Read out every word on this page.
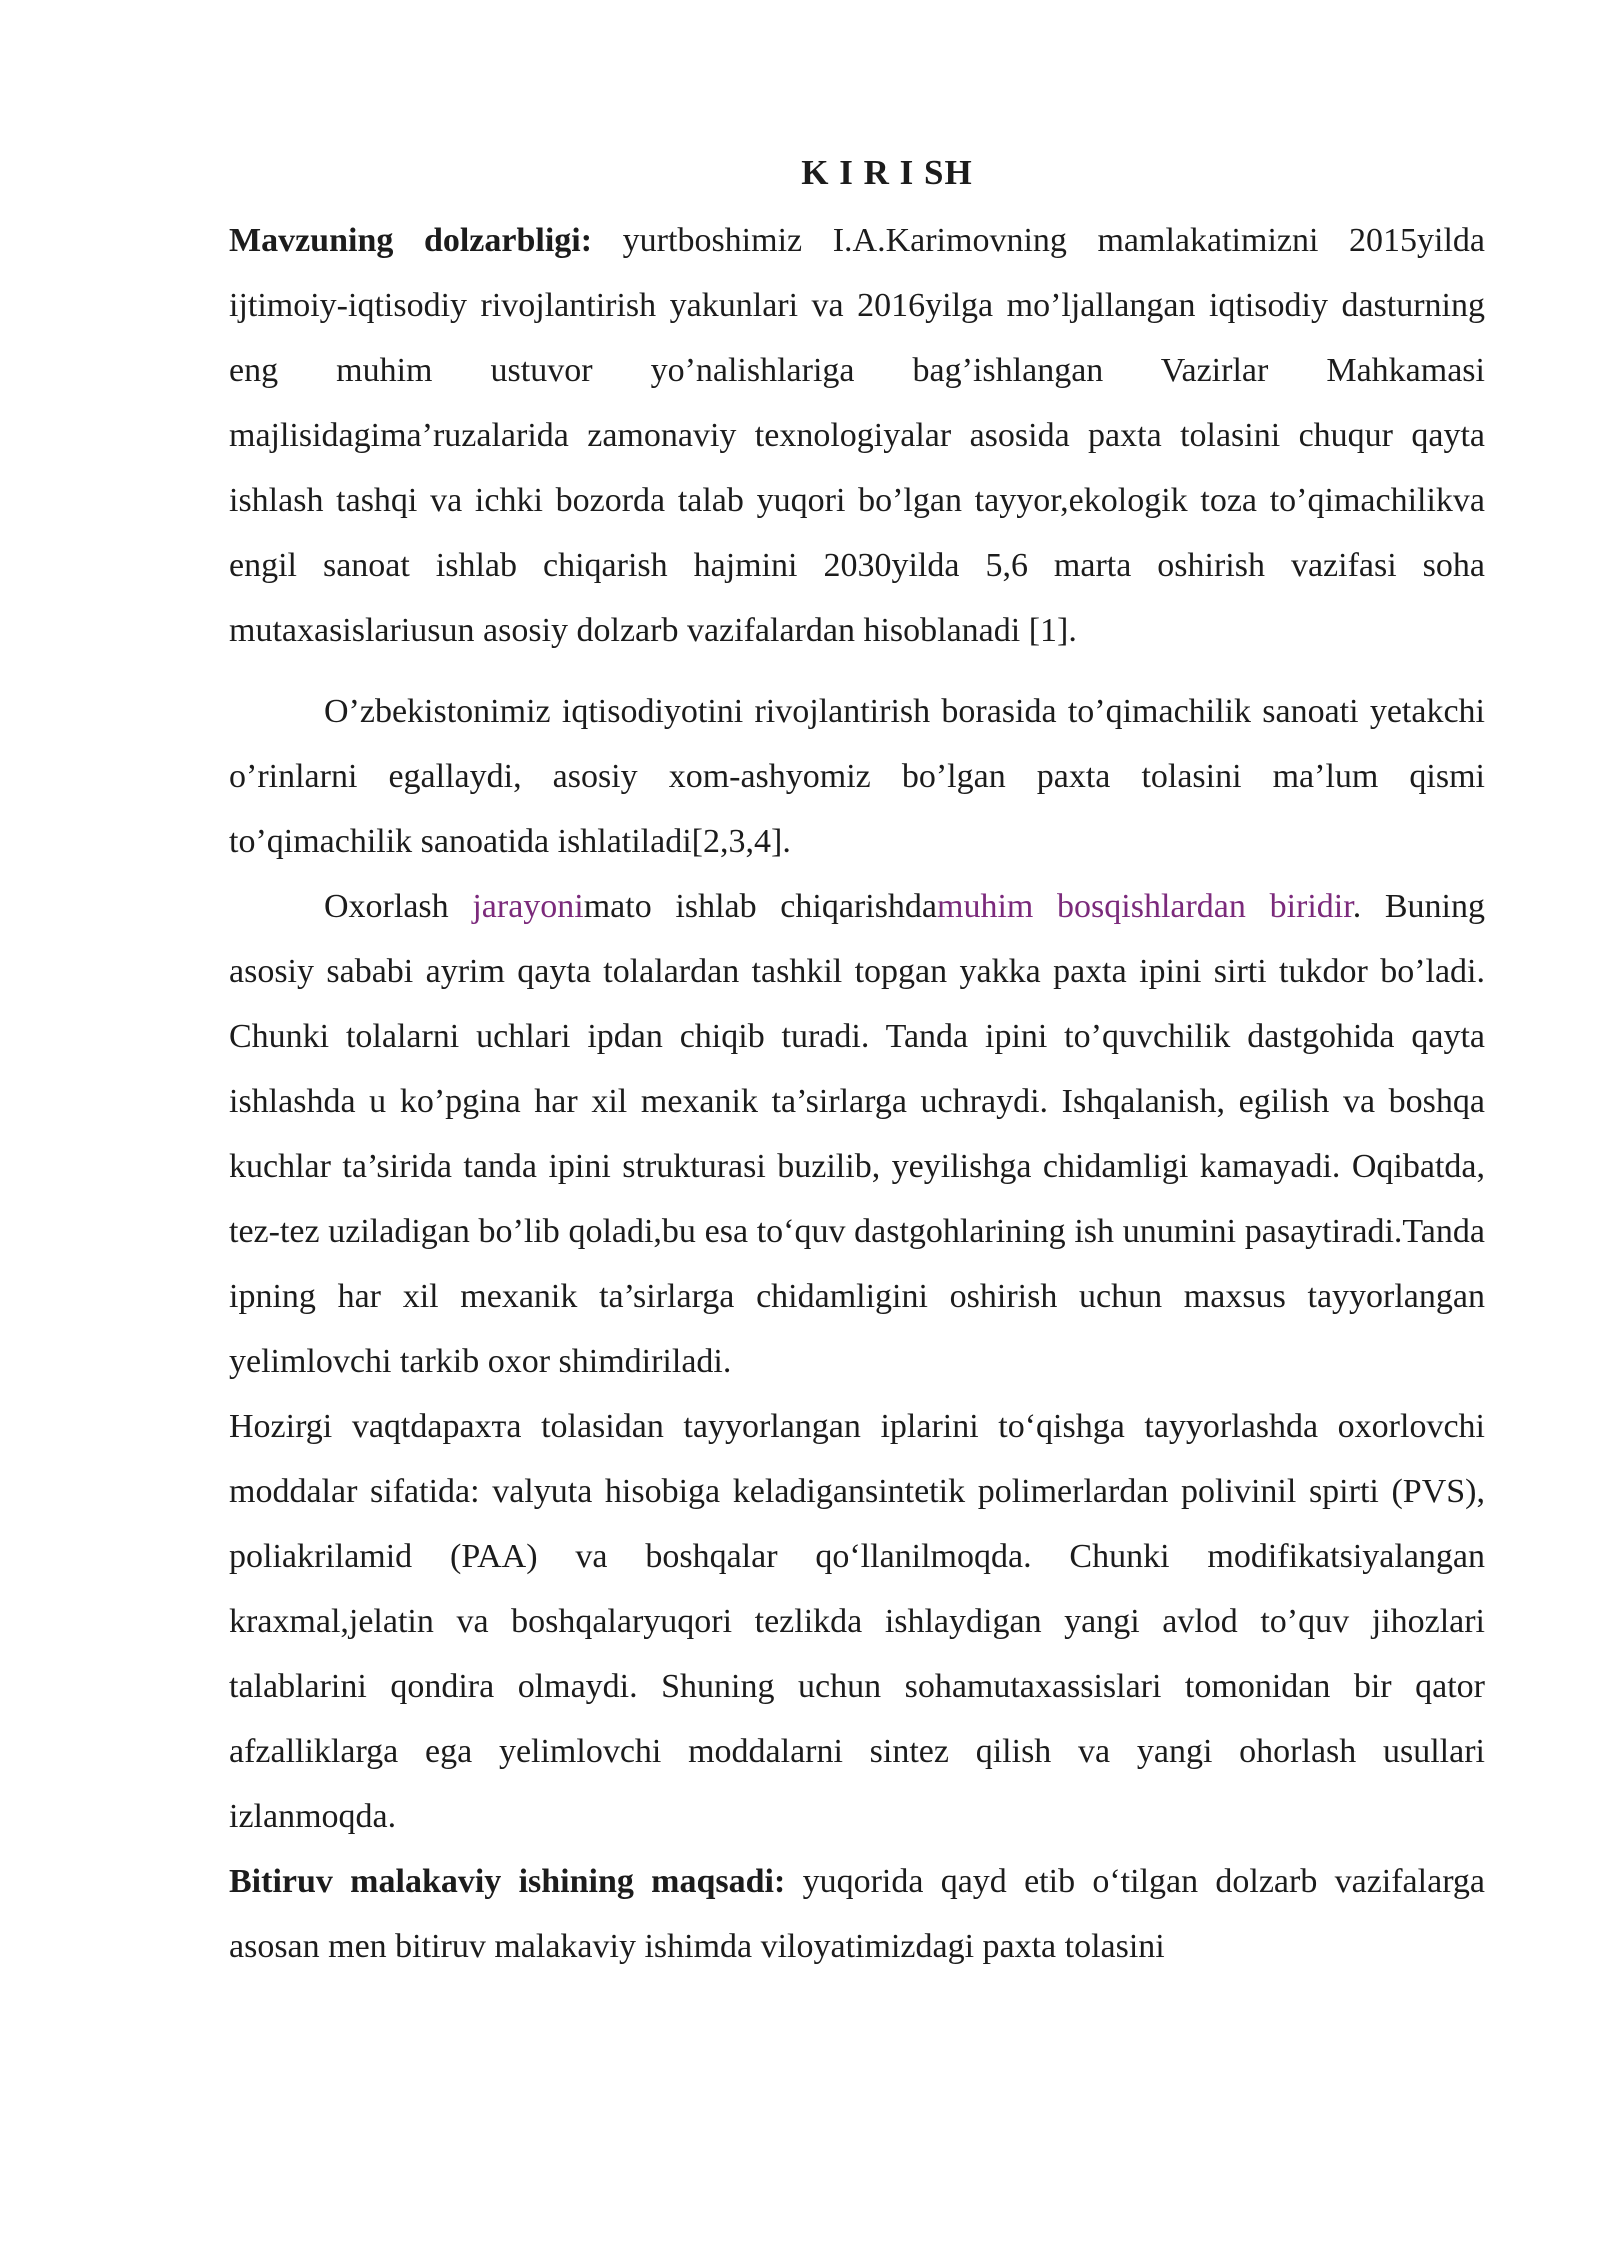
K I R I SH

Mavzuning dolzarbligi: yurtboshimiz I.A.Karimovning mamlakatimizni 2015yilda ijtimoiy-iqtisodiy rivojlantirish yakunlari va 2016yilga mo’ljallangan iqtisodiy dasturning eng muhim ustuvor yo’nalishlariga bag’ishlangan Vazirlar Mahkamasi majlisidagima’ruzalarida zamonaviy texnologiyalar asosida paxta tolasini chuqur qayta ishlash tashqi va ichki bozorda talab yuqori bo’lgan tayyor,ekologik toza to’qimachilikva engil sanoat ishlab chiqarish hajmini 2030yilda 5,6 marta oshirish vazifasi soha mutaxasislariusun asosiy dolzarb vazifalardan hisoblanadi [1].

O’zbekistonimiz iqtisodiyotini rivojlantirish borasida to’qimachilik sanoati yetakchi o’rinlarni egallaydi, asosiy xom-ashyomiz bo’lgan paxta tolasini ma’lum qismi to’qimachilik sanoatida ishlatiladi[2,3,4].

Oxorlash jarayonimato ishlab chiqarishdamuhim bosqishlardan biridir. Buning asosiy sababi ayrim qayta tolalardan tashkil topgan yakka paxta ipini sirti tukdor bo’ladi. Chunki tolalarni uchlari ipdan chiqib turadi. Tanda ipini to’quvchilik dastgohida qayta ishlashda u ko’pgina har xil mexanik ta’sirlarga uchraydi. Ishqalanish, egilish va boshqa kuchlar ta’sirida tanda ipini strukturasi buzilib, yeyilishga chidamligi kamayadi. Oqibatda, tez-tez uziladigan bo’lib qoladi,bu esa to‘quv dastgohlarining ish unumini pasaytiradi.Tanda ipning har xil mexanik ta’sirlarga chidamligini oshirish uchun maxsus tayyorlangan yelimlovchi tarkib oxor shimdiriladi.

Hozirgi vaqtdapaxтa tolasidan tayyorlangan iplarini to‘qishga tayyorlashda oxorlovchi moddalar sifatida: valyuta hisobiga keladigansintetik polimerlardan polivinil spirti (PVS), poliakrilamid (PAA) va boshqalar qo‘llanilmoqda. Chunki modifikatsiyalangan kraxmal,jelatin va boshqalaryuqori tezlikda ishlaydigan yangi avlod to’quv jihozlari talablarini qondira olmaydi. Shuning uchun sohamutaxassislari tomonidan bir qator afzalliklarga ega yelimlovchi moddalarni sintez qilish va yangi ohorlash usullari izlanmoqda.

Bitiruv malakaviy ishining maqsadi: yuqorida qayd etib o‘tilgan dolzarb vazifalarga asosan men bitiruv malakaviy ishimda viloyatimizdagi paxta tolasini
